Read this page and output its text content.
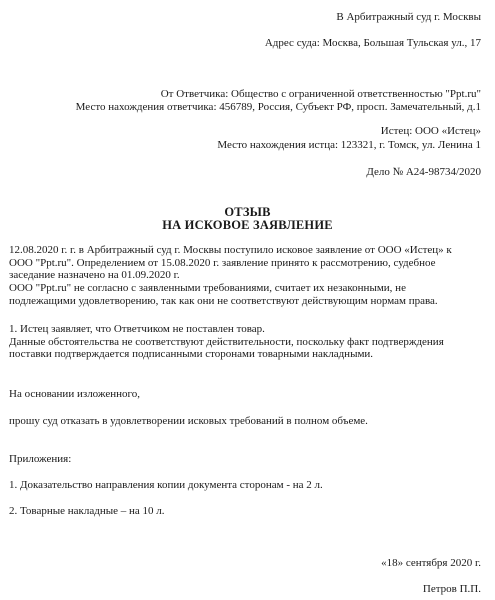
В Арбитражный суд г. Москвы
Адрес суда: Москва, Большая Тульская ул., 17
От Ответчика: Общество с ограниченной ответственностью "Ppt.ru"
Место нахождения ответчика: 456789, Россия, Субъект РФ, просп. Замечательный, д.1
Истец: ООО «Истец»
Место нахождения истца: 123321, г. Томск, ул. Ленина 1
Дело № А24-98734/2020
ОТЗЫВ
НА ИСКОВОЕ ЗАЯВЛЕНИЕ

12.08.2020 г. г. в Арбитражный суд г. Москвы поступило исковое заявление от ООО «Истец» к

ООО "Ppt.ru". Определением от 15.08.2020 г. заявление принято к рассмотрению, судебное

заседание назначено на 01.09.2020 г.

ООО "Ppt.ru" не согласно с заявленными требованиями, считает их незаконными, не

подлежащими удовлетворению, так как они не соответствуют действующим нормам права.

1. Истец заявляет, что Ответчиком не поставлен товар.

Данные обстоятельства не соответствуют действительности, поскольку факт подтверждения

поставки подтверждается подписанными сторонами товарными накладными.

На основании изложенного,
прошу суд отказать в удовлетворении исковых требований в полном объеме.
Приложения:
1. Доказательство направления копии документа сторонам - на 2 л.
2. Товарные накладные – на 10 л.
«18» сентября 2020 г.
Петров П.П.
